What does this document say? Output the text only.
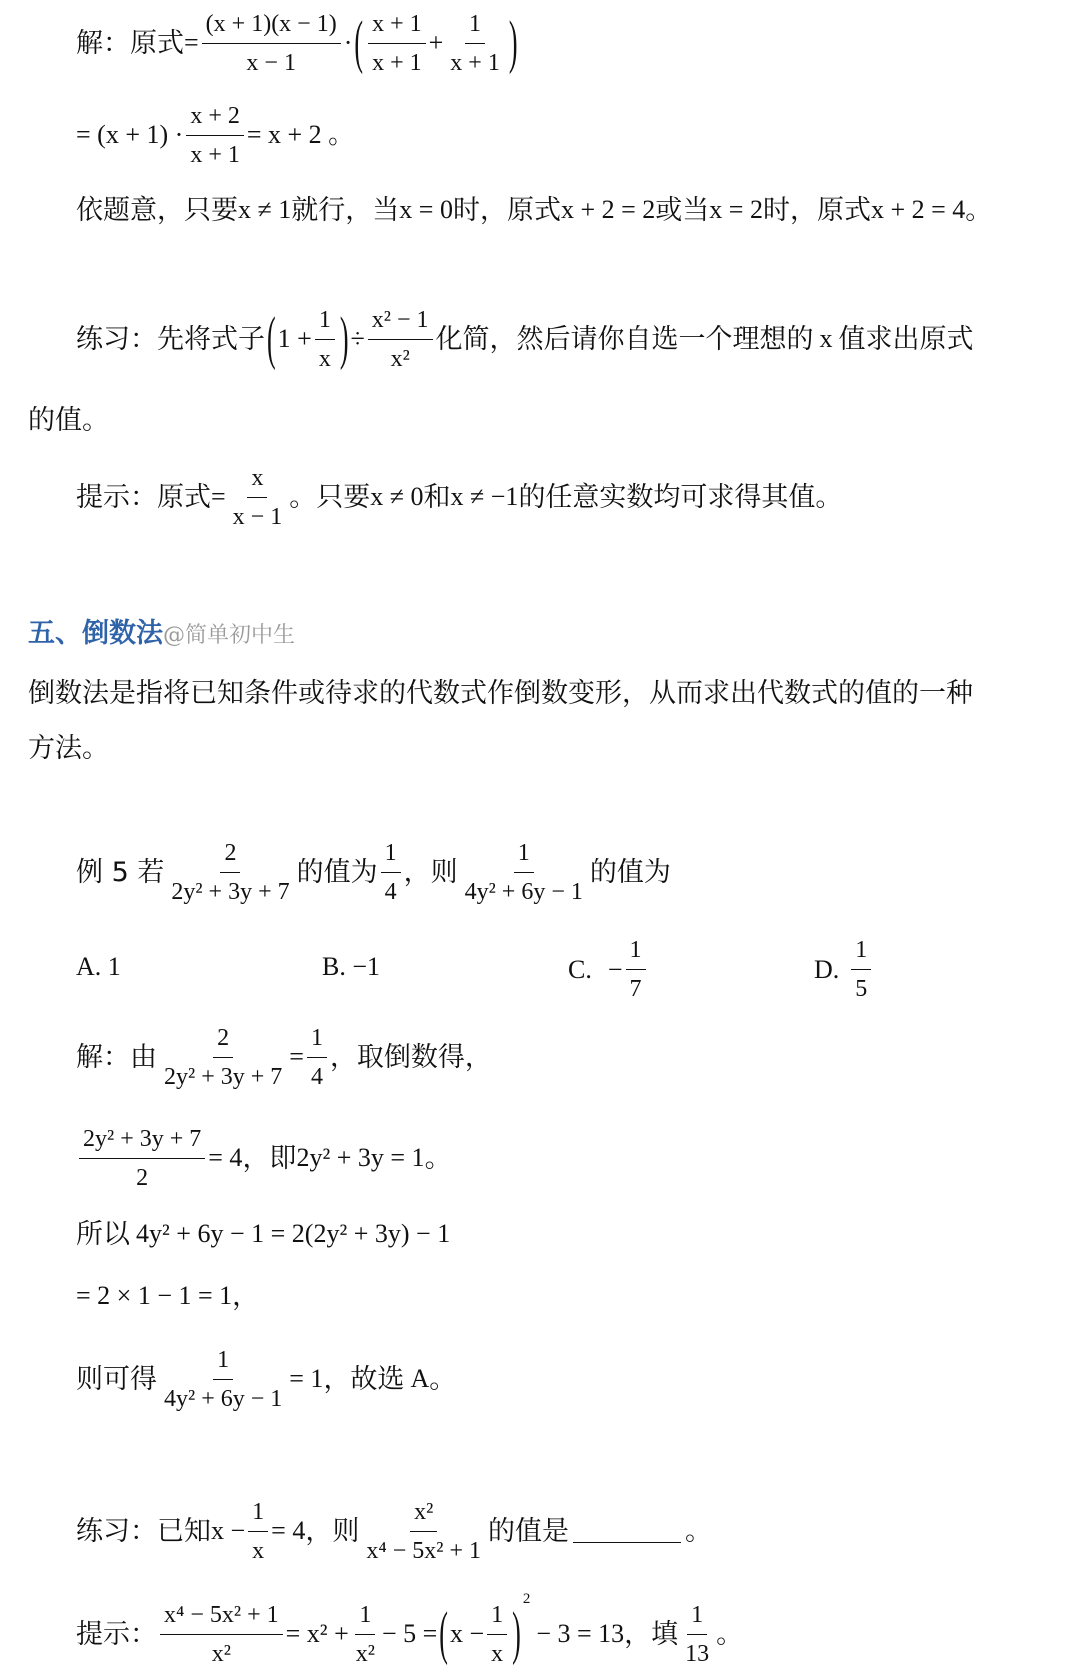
解：原式 = $\frac{(x + 1)(x - 1)}{x - 1}$ · ( $\frac{x + 1}{x + 1} + \frac{1}{x + 1}$ )
= $(x + 1) \cdot \frac{x + 2}{x + 1} = x + 2$ 。
依题意，只要 x ≠ 1 就行，当 x = 0 时，原式 x + 2 = 2 或当 x = 2 时，原式 x + 2 = 4 。
练习：先将式子 ( $1 + \frac{1}{x}$ ) ÷ $\frac{\text{x² − 1}}{\text{x²}}$ 化简，然后请你自选一个理想的 x 值求出原式
的值。
提示：原式 = $\frac{x}{x - 1}$ 。只要 x ≠ 0 和 x ≠ −1 的任意实数均可求得其值。
五、倒数法@简单初中生
倒数法是指将已知条件或待求的代数式作倒数变形，从而求出代数式的值的一种
方法。
例 5 若 $\frac{2}{\text{2y² + 3y + 7}}$ 的值为 $\frac{1}{4}$ ，则 $\frac{1}{\text{4y² + 6y − 1}}$ 的值为
A. 1	B. −1	C. − $\frac{1}{7}$	D. $\frac{1}{5}$
解：由 $\frac{2}{\text{2y² + 3y + 7}} = \frac{1}{4}$ ，取倒数得，
$\frac{\text{2y² + 3y + 7}}{2} = 4$ ，即 2y² + 3y = 1 。
所以 4y² + 6y − 1 = 2(2y² + 3y) − 1
= 2 × 1 − 1 = 1 ，
则可得 $\frac{1}{\text{4y² + 6y − 1}} = 1$ ，故选 A 。
练习：已知 $x - \frac{1}{x} = 4$ ，则 $\frac{\text{x²}}{\text{x⁴ − 5x² + 1}}$ 的值是	。
提示： $\frac{\text{x⁴ − 5x² + 1}}{\text{x²}} = x^2 + \frac{1}{\text{x²}} - 5$ = ( $x - \frac{1}{x}$ )
2
− 3 = 13 ，填 $\frac{1}{13}$ 。
